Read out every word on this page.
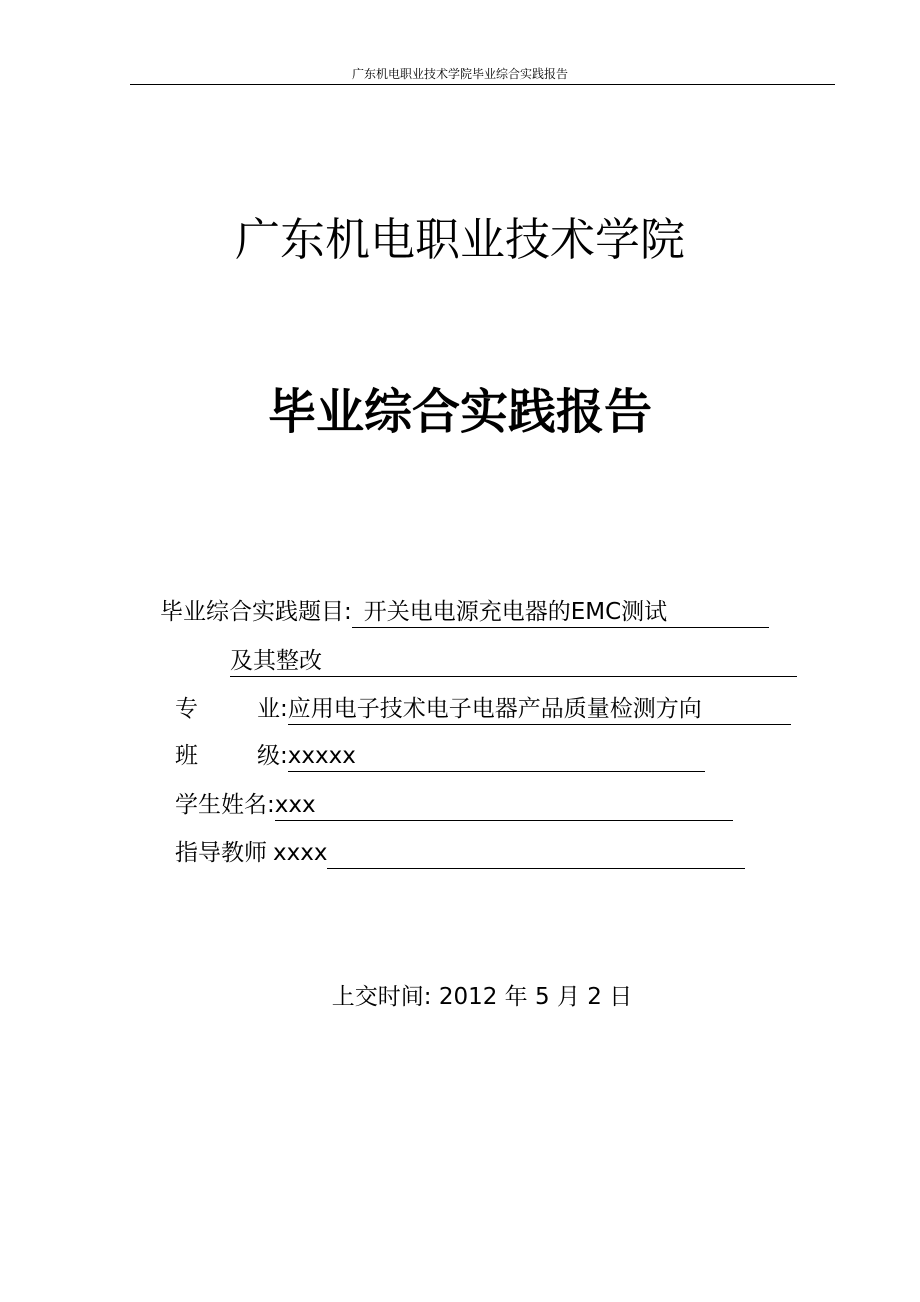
广东机电职业技术学院毕业综合实践报告
广东机电职业技术学院
毕业综合实践报告
毕业综合实践题目: 开关电电源充电器的EMC测试
及其整改
专	业:应用电子技术电子电器产品质量检测方向
班	级:xxxxx
学生姓名:xxx
指导教师 xxxx
上交时间: 2012 年 5 月 2 日
